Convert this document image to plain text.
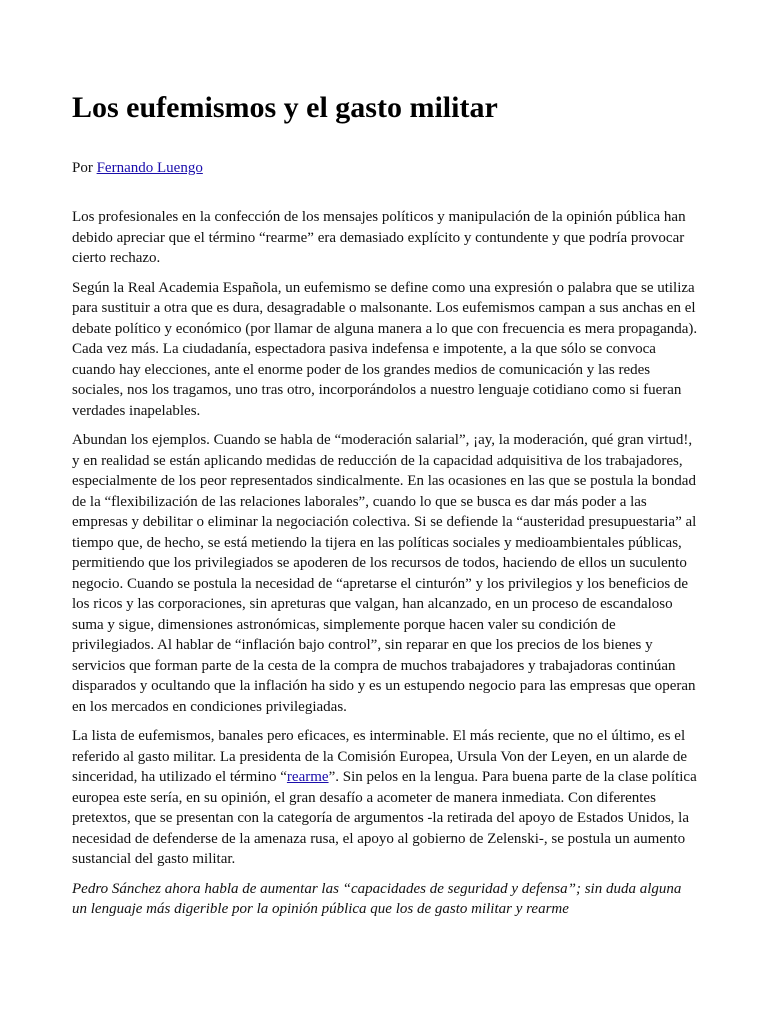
Los eufemismos y el gasto militar
Por Fernando Luengo

Los profesionales en la confección de los mensajes políticos y manipulación de la opinión pública han debido apreciar que el término “rearme” era demasiado explícito y contundente y que podría provocar cierto rechazo.

Según la Real Academia Española, un eufemismo se define como una expresión o palabra que se utiliza para sustituir a otra que es dura, desagradable o malsonante. Los eufemismos campan a sus anchas en el debate político y económico (por llamar de alguna manera a lo que con frecuencia es mera propaganda). Cada vez más. La ciudadanía, espectadora pasiva indefensa e impotente, a la que sólo se convoca cuando hay elecciones, ante el enorme poder de los grandes medios de comunicación y las redes sociales, nos los tragamos, uno tras otro, incorporándolos a nuestro lenguaje cotidiano como si fueran verdades inapelables.

Abundan los ejemplos. Cuando se habla de “moderación salarial”, ¡ay, la moderación, qué gran virtud!, y en realidad se están aplicando medidas de reducción de la capacidad adquisitiva de los trabajadores, especialmente de los peor representados sindicalmente. En las ocasiones en las que se postula la bondad de la “flexibilización de las relaciones laborales”, cuando lo que se busca es dar más poder a las empresas y debilitar o eliminar la negociación colectiva. Si se defiende la “austeridad presupuestaria” al tiempo que, de hecho, se está metiendo la tijera en las políticas sociales y medioambientales públicas, permitiendo que los privilegiados se apoderen de los recursos de todos, haciendo de ellos un suculento negocio. Cuando se postula la necesidad de “apretarse el cinturón” y los privilegios y los beneficios de los ricos y las corporaciones, sin apreturas que valgan, han alcanzado, en un proceso de escandaloso suma y sigue, dimensiones astronómicas, simplemente porque hacen valer su condición de privilegiados. Al hablar de “inflación bajo control”, sin reparar en que los precios de los bienes y servicios que forman parte de la cesta de la compra de muchos trabajadores y trabajadoras continúan disparados y ocultando que la inflación ha sido y es un estupendo negocio para las empresas que operan en los mercados en condiciones privilegiadas.

La lista de eufemismos, banales pero eficaces, es interminable. El más reciente, que no el último, es el referido al gasto militar. La presidenta de la Comisión Europea, Ursula Von der Leyen, en un alarde de sinceridad, ha utilizado el término “rearme”. Sin pelos en la lengua. Para buena parte de la clase política europea este sería, en su opinión, el gran desafío a acometer de manera inmediata. Con diferentes pretextos, que se presentan con la categoría de argumentos -la retirada del apoyo de Estados Unidos, la necesidad de defenderse de la amenaza rusa, el apoyo al gobierno de Zelenski-, se postula un aumento sustancial del gasto militar.

Pedro Sánchez ahora habla de aumentar las “capacidades de seguridad y defensa”; sin duda alguna un lenguaje más digerible por la opinión pública que los de gasto militar y rearme
